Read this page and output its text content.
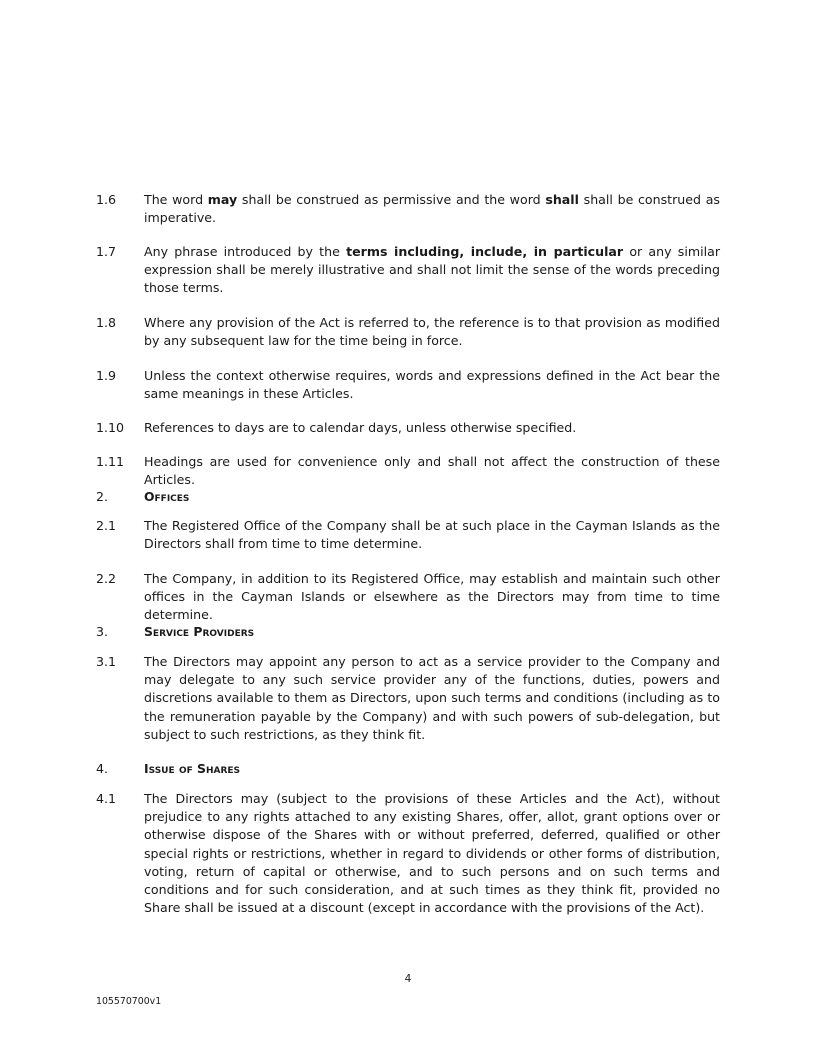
1.6	The word may shall be construed as permissive and the word shall shall be construed as imperative.
1.7	Any phrase introduced by the terms including, include, in particular or any similar expression shall be merely illustrative and shall not limit the sense of the words preceding those terms.
1.8	Where any provision of the Act is referred to, the reference is to that provision as modified by any subsequent law for the time being in force.
1.9	Unless the context otherwise requires, words and expressions defined in the Act bear the same meanings in these Articles.
1.10	References to days are to calendar days, unless otherwise specified.
1.11	Headings are used for convenience only and shall not affect the construction of these Articles.
2.	Offices
2.1	The Registered Office of the Company shall be at such place in the Cayman Islands as the Directors shall from time to time determine.
2.2	The Company, in addition to its Registered Office, may establish and maintain such other offices in the Cayman Islands or elsewhere as the Directors may from time to time determine.
3.	Service Providers
3.1	The Directors may appoint any person to act as a service provider to the Company and may delegate to any such service provider any of the functions, duties, powers and discretions available to them as Directors, upon such terms and conditions (including as to the remuneration payable by the Company) and with such powers of sub-delegation, but subject to such restrictions, as they think fit.
4.	Issue of Shares
4.1	The Directors may (subject to the provisions of these Articles and the Act), without prejudice to any rights attached to any existing Shares, offer, allot, grant options over or otherwise dispose of the Shares with or without preferred, deferred, qualified or other special rights or restrictions, whether in regard to dividends or other forms of distribution, voting, return of capital or otherwise, and to such persons and on such terms and conditions and for such consideration, and at such times as they think fit, provided no Share shall be issued at a discount (except in accordance with the provisions of the Act).
4
105570700v1
